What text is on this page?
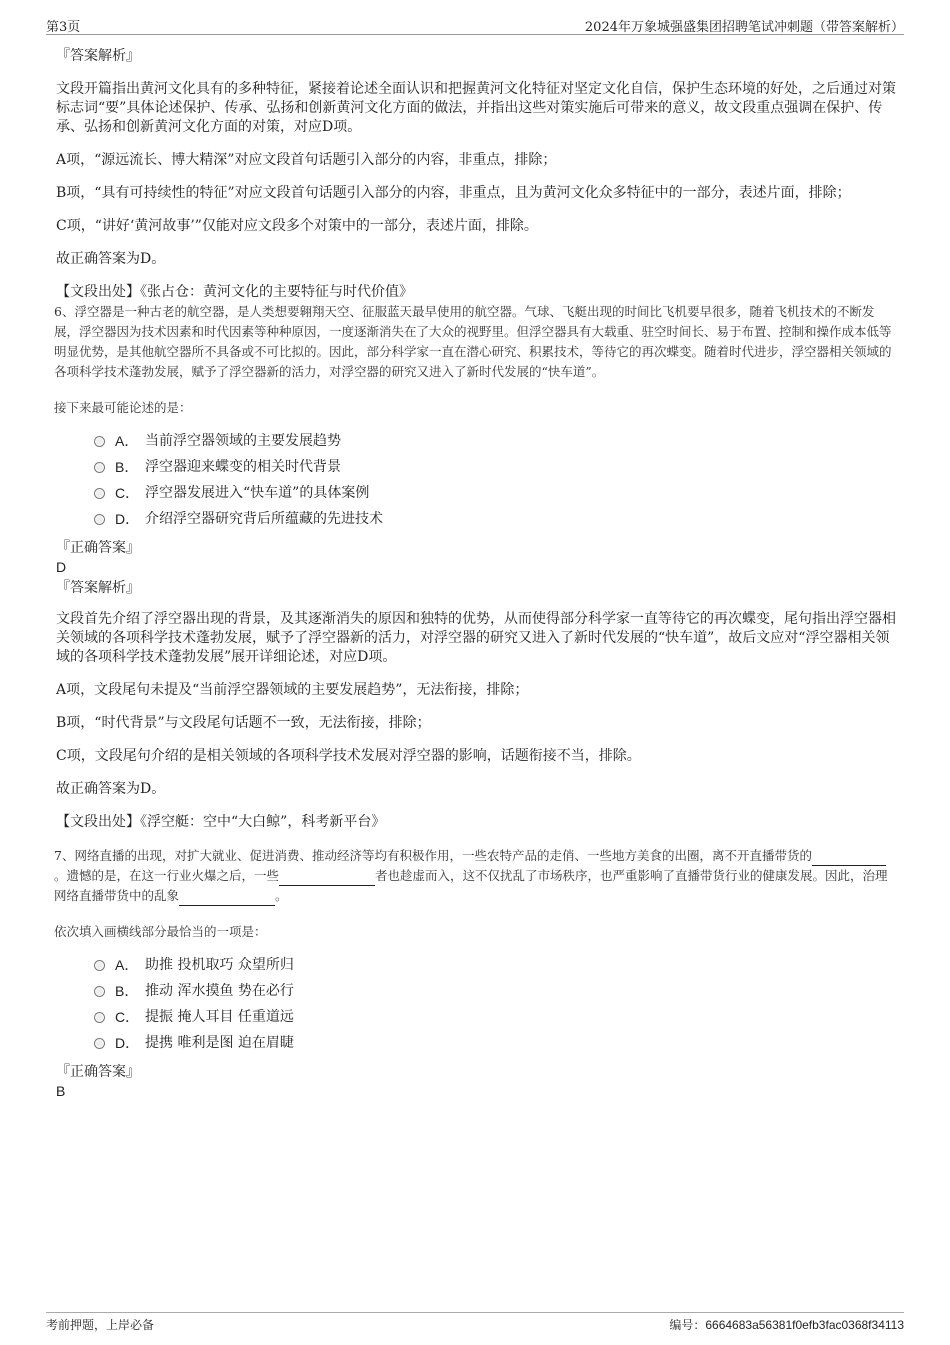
第3页	2024年万象城强盛集团招聘笔试冲刺题（带答案解析）

『答案解析』

文段开篇指出黄河文化具有的多种特征，紧接着论述全面认识和把握黄河文化特征对坚定文化自信，保护生态环境的好处，之后通过对策标志词“要”具体论述保护、传承、弘扬和创新黄河文化方面的做法，并指出这些对策实施后可带来的意义，故文段重点强调在保护、传承、弘扬和创新黄河文化方面的对策，对应D项。

A项，“源远流长、博大精深”对应文段首句话题引入部分的内容，非重点，排除；

B项，“具有可持续性的特征”对应文段首句话题引入部分的内容，非重点，且为黄河文化众多特征中的一部分，表述片面，排除；

C项，“讲好‘黄河故事’”仅能对应文段多个对策中的一部分，表述片面，排除。

故正确答案为D。

【文段出处】《张占仓：黄河文化的主要特征与时代价值》

6、浮空器是一种古老的航空器，是人类想要翱翔天空、征服蓝天最早使用的航空器。气球、飞艇出现的时间比飞机要早很多，随着飞机技术的不断发展，浮空器因为技术因素和时代因素等种种原因，一度逐渐消失在了大众的视野里。但浮空器具有大载重、驻空时间长、易于布置、控制和操作成本低等明显优势，是其他航空器所不具备或不可比拟的。因此，部分科学家一直在潜心研究、积累技术，等待它的再次蝶变。随着时代进步，浮空器相关领域的各项科学技术蓬勃发展，赋予了浮空器新的活力，对浮空器的研究又进入了新时代发展的“快车道”。

接下来最可能论述的是：

A． 当前浮空器领域的主要发展趋势
B． 浮空器迎来蝶变的相关时代背景
C． 浮空器发展进入“快车道”的具体案例
D． 介绍浮空器研究背后所蕴藏的先进技术

『正确答案』

D

『答案解析』

文段首先介绍了浮空器出现的背景，及其逐渐消失的原因和独特的优势，从而使得部分科学家一直等待它的再次蝶变，尾句指出浮空器相关领域的各项科学技术蓬勃发展，赋予了浮空器新的活力，对浮空器的研究又进入了新时代发展的“快车道”，故后文应对“浮空器相关领域的各项科学技术蓬勃发展”展开详细论述，对应D项。

A项，文段尾句未提及“当前浮空器领域的主要发展趋势”，无法衔接，排除；

B项，“时代背景”与文段尾句话题不一致，无法衔接，排除；

C项，文段尾句介绍的是相关领域的各项科学技术发展对浮空器的影响，话题衔接不当，排除。

故正确答案为D。

【文段出处】《浮空艇：空中“大白鲸”，科考新平台》

7、网络直播的出现，对扩大就业、促进消费、推动经济等均有积极作用，一些农特产品的走俏、一些地方美食的出圈，离不开直播带货的。遗憾的是，在这一行业火爆之后，一些	者也趁虚而入，这不仅扰乱了市场秩序，也严重影响了直播带货行业的健康发展。因此，治理网络直播带货中的乱象	。

依次填入画横线部分最恰当的一项是：

A． 助推 投机取巧 众望所归
B． 推动 浑水摸鱼 势在必行
C． 提振 掩人耳目 任重道远
D． 提携 唯利是图 迫在眉睫

『正确答案』

B

考前押题，上岸必备	编号：6664683a56381f0efb3fac0368f34113
